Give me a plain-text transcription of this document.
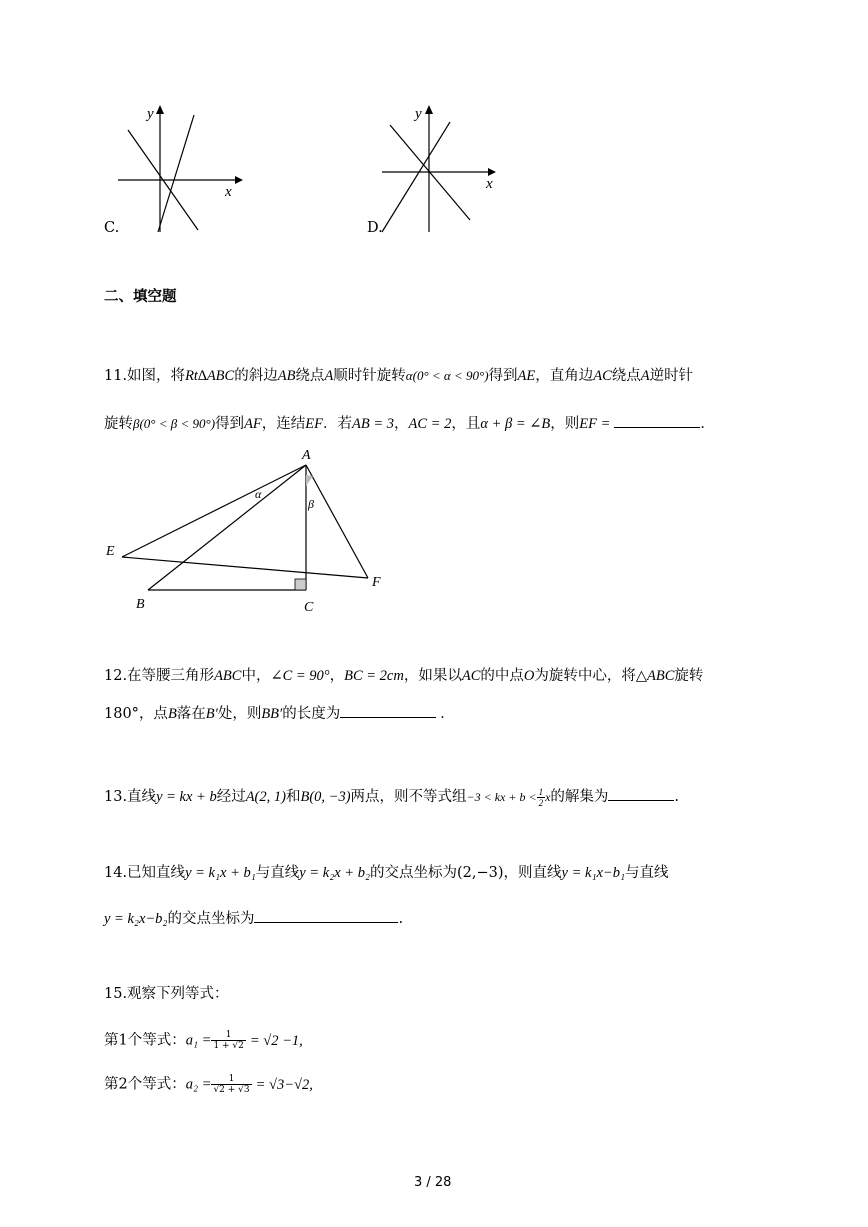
y
x
C.
y
x
D.
二、填空题
11.如图，将Rt∆ABC的斜边AB绕点A顺时针旋转α(0° < α < 90°)得到AE，直角边AC绕点A逆时针
旋转β(0° < β < 90°)得到AF，连结EF．若AB = 3，AC = 2，且α + β = ∠B，则EF =	．
A
E
F
B	C
α
β
12.在等腰三角形ABC中，∠C = 90°，BC = 2cm，如果以AC的中点O为旋转中心，将△ABC旋转
180°，点B落在B′处，则BB′的长度为	．
13.直线y = kx + b经过A(2, 1)和B(0, −3)两点，则不等式组−3 < kx + $b < \frac{1}{2}$ x的解集为	.
14.已知直线y = k₁x + b₁与直线y = k₂x + b₂的交点坐标为(2,−3)，则直线y = k₁x−b₁与直线
y = k₂x−b₂的交点坐标为	.
15.观察下列等式：
第1个等式：$a_1 = \frac{1}{1 + √2} = √2 -1$,
第2个等式：$a_2 = \frac{1}{√2 + √3} = √3-√2$,
3 / 28
